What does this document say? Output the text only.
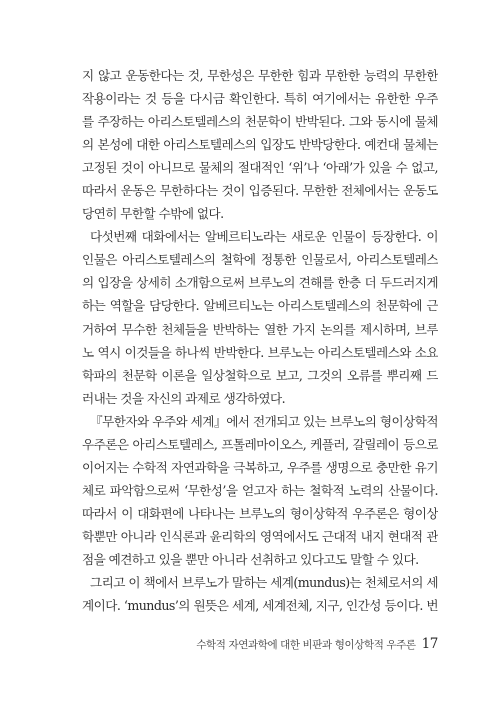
지 않고 운동한다는 것, 무한성은 무한한 힘과 무한한 능력의 무한한
작용이라는 것 등을 다시금 확인한다. 특히 여기에서는 유한한 우주
를 주장하는 아리스토텔레스의 천문학이 반박된다. 그와 동시에 물체
의 본성에 대한 아리스토텔레스의 입장도 반박당한다. 예컨대 물체는
고정된 것이 아니므로 물체의 절대적인 ‘위’나 ‘아래’가 있을 수 없고,
따라서 운동은 무한하다는 것이 입증된다. 무한한 전체에서는 운동도
당연히 무한할 수밖에 없다.
다섯번째 대화에서는 알베르티노라는 새로운 인물이 등장한다. 이
인물은 아리스토텔레스의 철학에 정통한 인물로서, 아리스토텔레스
의 입장을 상세히 소개함으로써 브루노의 견해를 한층 더 두드러지게
하는 역할을 담당한다. 알베르티노는 아리스토텔레스의 천문학에 근
거하여 무수한 천체들을 반박하는 열한 가지 논의를 제시하며, 브루
노 역시 이것들을 하나씩 반박한다. 브루노는 아리스토텔레스와 소요
학파의 천문학 이론을 일상철학으로 보고, 그것의 오류를 뿌리째 드
러내는 것을 자신의 과제로 생각하였다.
『무한자와 우주와 세계』에서 전개되고 있는 브루노의 형이상학적
우주론은 아리스토텔레스, 프톨레마이오스, 케플러, 갈릴레이 등으로
이어지는 수학적 자연과학을 극복하고, 우주를 생명으로 충만한 유기
체로 파악함으로써 ‘무한성’을 얻고자 하는 철학적 노력의 산물이다.
따라서 이 대화편에 나타나는 브루노의 형이상학적 우주론은 형이상
학뿐만 아니라 인식론과 윤리학의 영역에서도 근대적 내지 현대적 관
점을 예견하고 있을 뿐만 아니라 선취하고 있다고도 말할 수 있다.
그리고 이 책에서 브루노가 말하는 세계(mundus)는 천체로서의 세
계이다. ‘mundus’의 원뜻은 세계, 세계전체, 지구, 인간성 등이다. 번
수학적 자연과학에 대한 비판과 형이상학적 우주론 17
